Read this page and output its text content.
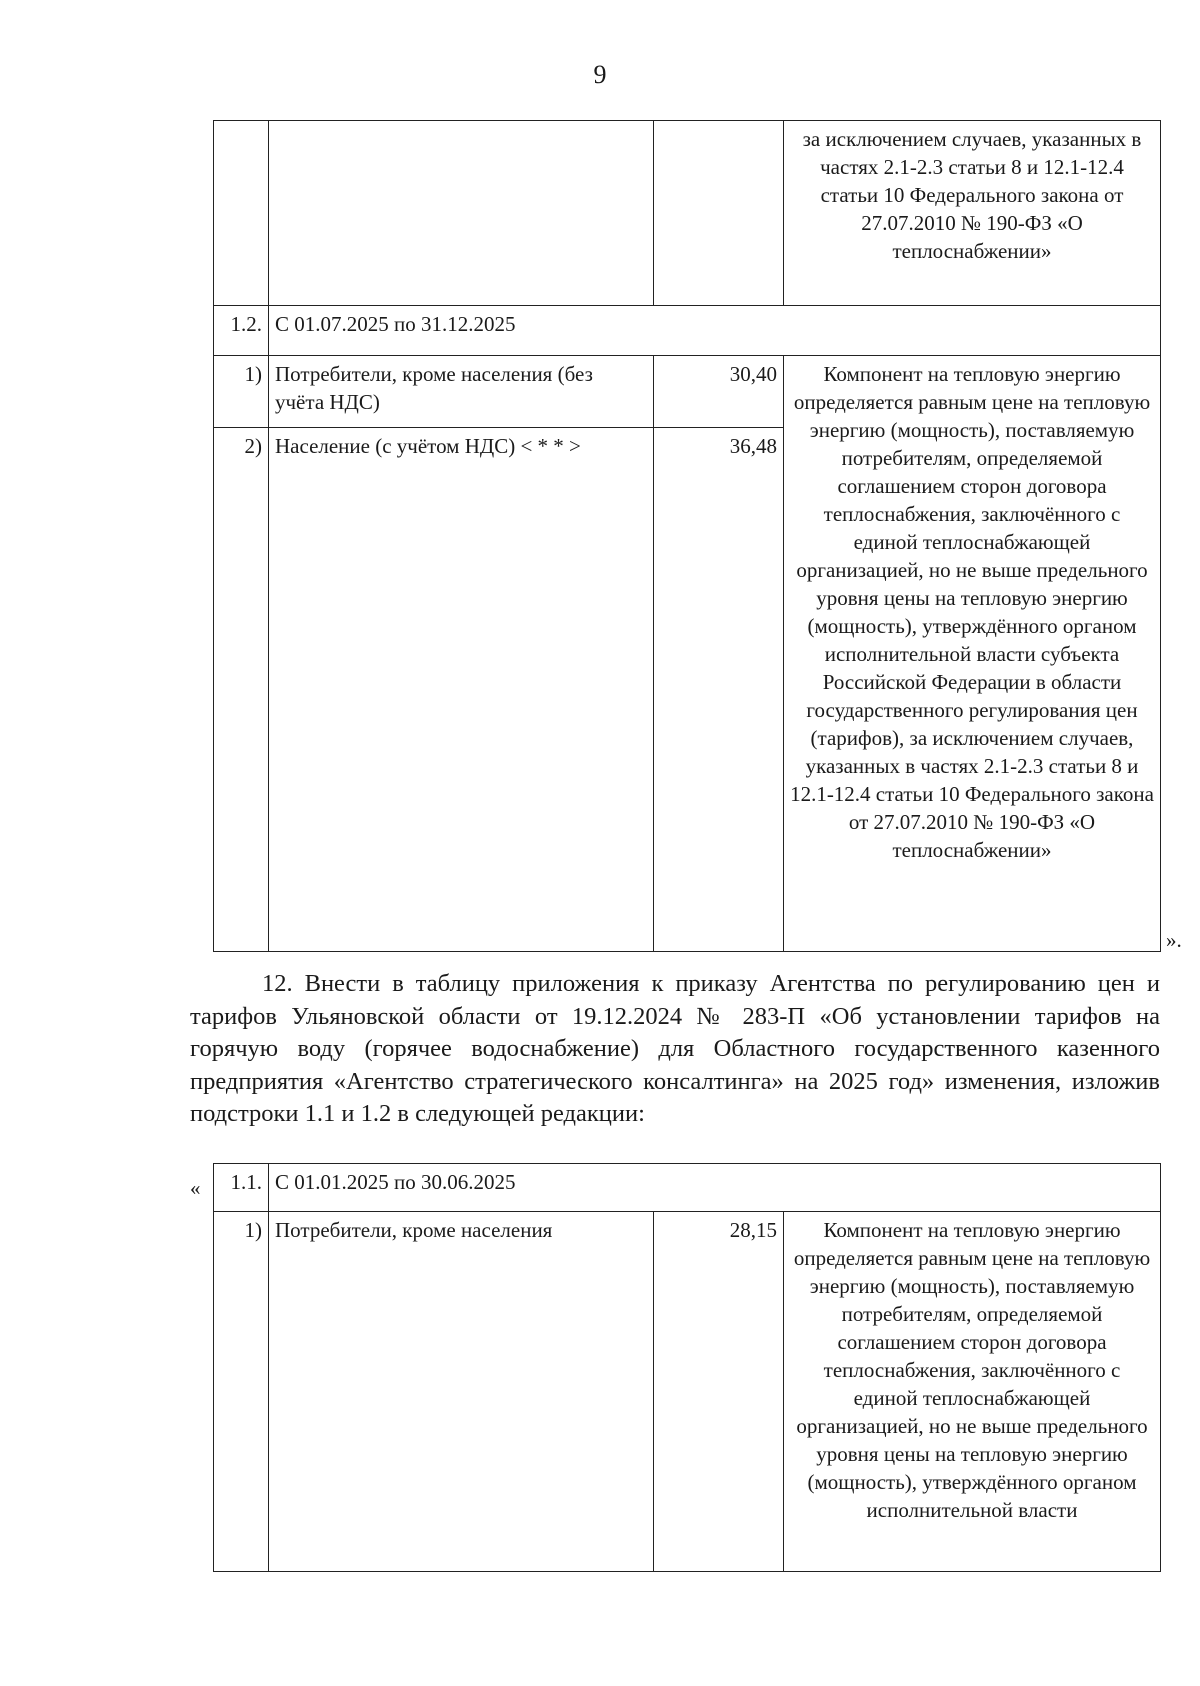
9
			за исключением случаев, указанных в частях 2.1-2.3 статьи 8 и 12.1-12.4 статьи 10 Федерального закона от 27.07.2010 № 190-ФЗ «О теплоснабжении»
1.2.	С 01.07.2025 по 31.12.2025		
1)	Потребители, кроме населения (без учёта НДС)	30,40	Компонент на тепловую энергию определяется равным цене на тепловую энергию (мощность), поставляемую потребителям, определяемой соглашением сторон договора теплоснабжения, заключённого с единой теплоснабжающей организацией, но не выше предельного уровня цены на тепловую энергию (мощность), утверждённого органом исполнительной власти субъекта Российской Федерации в области государственного регулирования цен (тарифов), за исключением случаев, указанных в частях 2.1-2.3 статьи 8 и 12.1-12.4 статьи 10 Федерального закона от 27.07.2010 № 190-ФЗ «О теплоснабжении»
2)	Население (с учётом НДС) < * * >	36,48	
».
12. Внести в таблицу приложения к приказу Агентства по регулированию цен и тарифов Ульяновской области от 19.12.2024 № 283-П «Об установлении тарифов на горячую воду (горячее водоснабжение) для Областного государственного казенного предприятия «Агентство стратегического консалтинга» на 2025 год» изменения, изложив подстроки 1.1 и 1.2 в следующей редакции:
« 1.1.	С 01.01.2025 по 30.06.2025		
1)	Потребители, кроме населения	28,15	Компонент на тепловую энергию определяется равным цене на тепловую энергию (мощность), поставляемую потребителям, определяемой соглашением сторон договора теплоснабжения, заключённого с единой теплоснабжающей организацией, но не выше предельного уровня цены на тепловую энергию (мощность), утверждённого органом исполнительной власти
